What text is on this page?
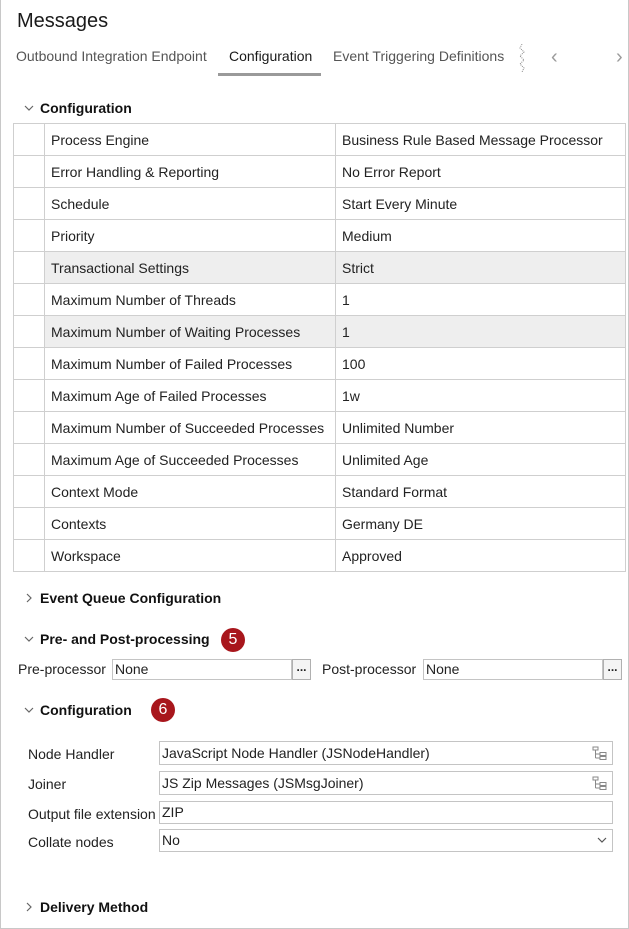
Messages
Outbound Integration Endpoint Configuration Event Triggering Definitions ‹	›
Configuration
	Process Engine	Business Rule Based Message Processor
	Error Handling & Reporting	No Error Report
	Schedule	Start Every Minute
	Priority	Medium
	Transactional Settings	Strict
	Maximum Number of Threads	1
	Maximum Number of Waiting Processes	1
	Maximum Number of Failed Processes	100
	Maximum Age of Failed Processes	1w
	Maximum Number of Succeeded Processes	Unlimited Number
	Maximum Age of Succeeded Processes	Unlimited Age
	Context Mode	Standard Format
	Contexts	Germany DE
	Workspace	Approved
Event Queue Configuration
Pre- and Post-processing	5
Pre-processor None	...	Post-processor None	...
Configuration	6
Node Handler	JavaScript Node Handler (JSNodeHandler)
Joiner	JS Zip Messages (JSMsgJoiner)
Output file extension ZIP
Collate nodes	No
Delivery Method
